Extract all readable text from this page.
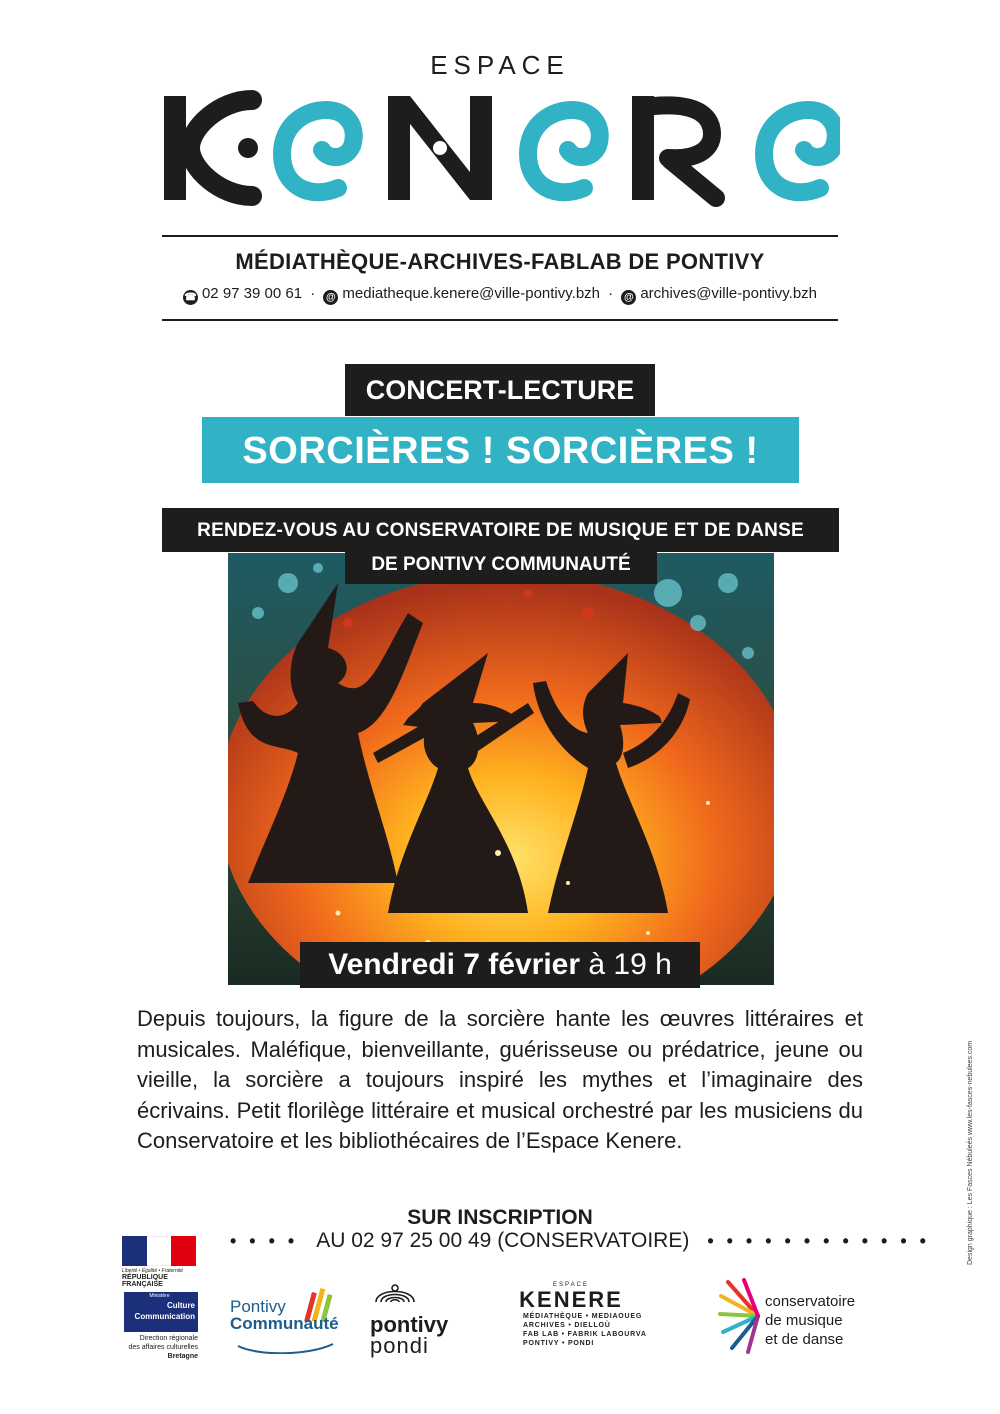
ESPACE
MÉDIATHÈQUE-ARCHIVES-FABLAB DE PONTIVY
☎ 02 97 39 00 61 · @ mediatheque.kenere@ville-pontivy.bzh · @ archives@ville-pontivy.bzh
CONCERT-LECTURE
SORCIÈRES ! SORCIÈRES !
RENDEZ-VOUS AU CONSERVATOIRE DE MUSIQUE ET DE DANSE
DE PONTIVY COMMUNAUTÉ
Vendredi 7 février à 19 h
Depuis toujours, la figure de la sorcière hante les œuvres littéraires et musicales. Maléfique, bienveillante, guérisseuse ou prédatrice, jeune ou vieille, la sorcière a toujours inspiré les mythes et l’imaginaire des écrivains. Petit florilège littéraire et musical orchestré par les musiciens du Conservatoire et les bibliothécaires de l’Espace Kenere.
SUR INSCRIPTION
• • • • AU 02 97 25 00 49 (CONSERVATOIRE) • • • • • • • • • • • •	Design graphique : Les Fasces Nébuleés www.les-fasces-nebulees.com
Liberté • Égalité • Fraternité
RÉPUBLIQUE FRANÇAISE
Ministère
Culture
Communication
Direction régionale
des affaires culturelles
Bretagne
Pontivy
Communauté pontivy
pondi
ESPACE
KENERE
MÉDIATHÈQUE • MEDIAOUEG
ARCHIVES • DIELLOÙ
FAB LAB • FABRIK LABOURVA
PONTIVY • PONDI
conservatoire
de musique
et de danse
